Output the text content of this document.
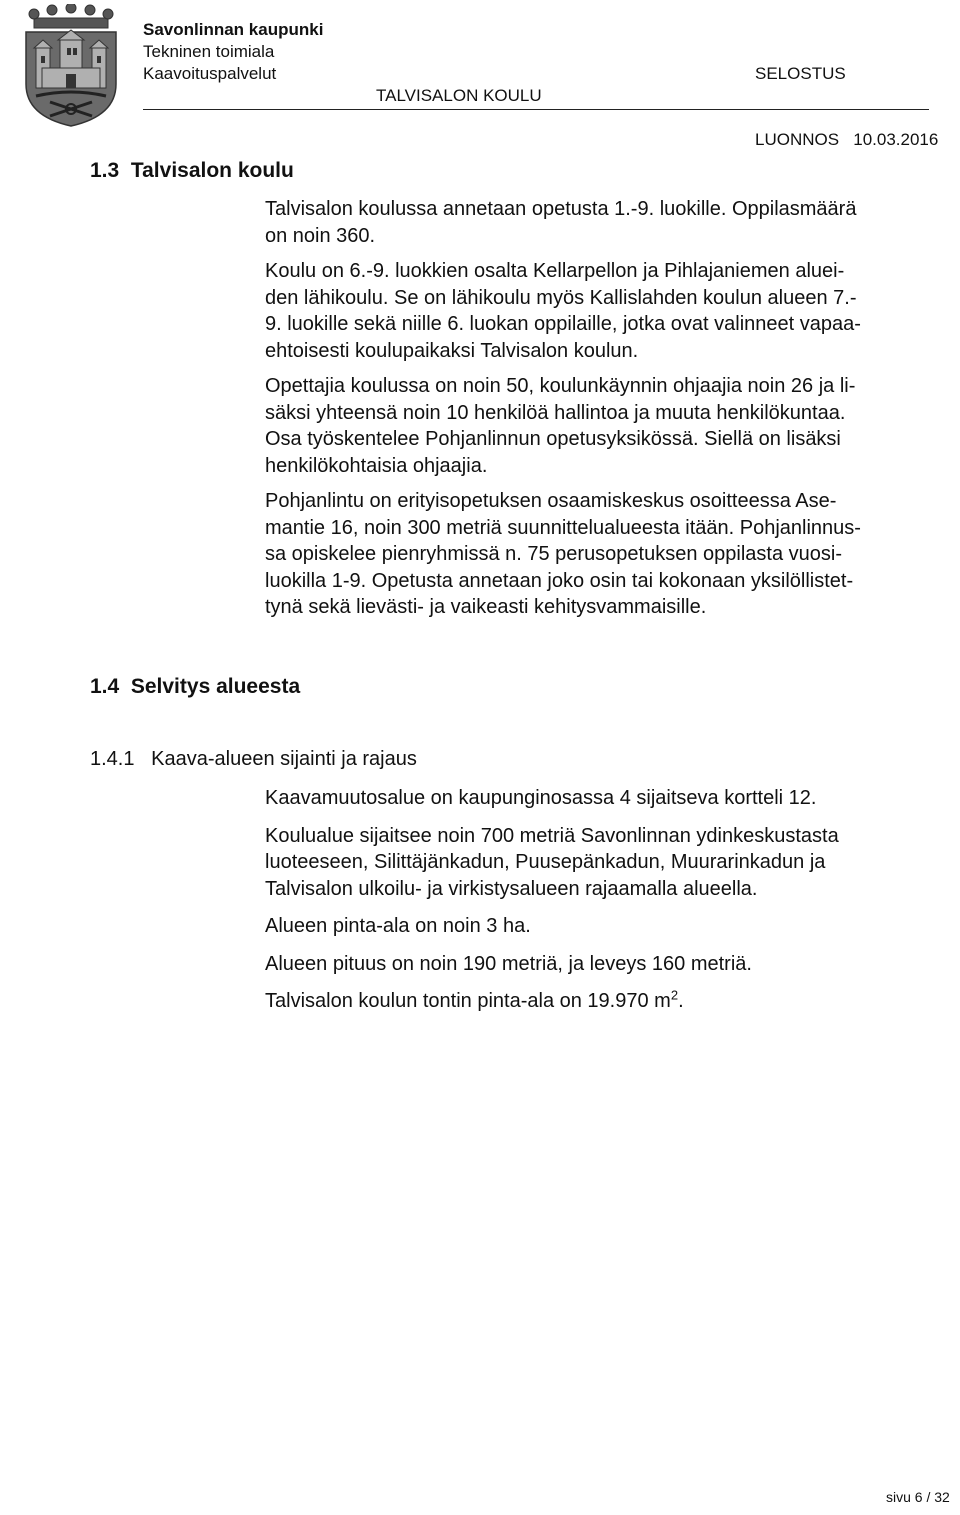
Savonlinnan kaupunki
Tekninen toimiala
Kaavoituspalvelut

	SELOSTUS

LUONNOS 10.03.2016

TALVISALON KOULU
1.3  Talvisalon koulu

Talvisalon koulussa annetaan opetusta 1.-9. luokille. Oppilasmäärä
on noin 360.

Koulu on 6.-9. luokkien osalta Kellarpellon ja Pihlajaniemen aluei-
den lähikoulu. Se on lähikoulu myös Kallislahden koulun alueen 7.-
9. luokille sekä niille 6. luokan oppilaille, jotka ovat valinneet vapaa-
ehtoisesti koulupaikaksi Talvisalon koulun.

Opettajia koulussa on noin 50, koulunkäynnin ohjaajia noin 26 ja li-
säksi yhteensä noin 10 henkilöä hallintoa ja muuta henkilökuntaa.
Osa työskentelee Pohjanlinnun opetusyksikössä. Siellä on lisäksi
henkilökohtaisia ohjaajia.

Pohjanlintu on erityisopetuksen osaamiskeskus osoitteessa Ase-
mantie 16, noin 300 metriä suunnittelualueesta itään. Pohjanlinnus-
sa opiskelee pienryhmissä n. 75 perusopetuksen oppilasta vuosi-
luokilla 1-9. Opetusta annetaan joko osin tai kokonaan yksilöllistet-
tynä sekä lievästi- ja vaikeasti kehitysvammaisille.

1.4  Selvitys alueesta
1.4.1   Kaava-alueen sijainti ja rajaus

Kaavamuutosalue on kaupunginosassa 4 sijaitseva kortteli 12.

Koulualue sijaitsee noin 700 metriä Savonlinnan ydinkeskustasta
luoteeseen, Silittäjänkadun, Puusepänkadun, Muurarinkadun ja
Talvisalon ulkoilu- ja virkistysalueen rajaamalla alueella.

Alueen pinta-ala on noin 3 ha.

Alueen pituus on noin 190 metriä, ja leveys 160 metriä.

Talvisalon koulun tontin pinta-ala on 19.970 $m^2$.

sivu 6 / 32
